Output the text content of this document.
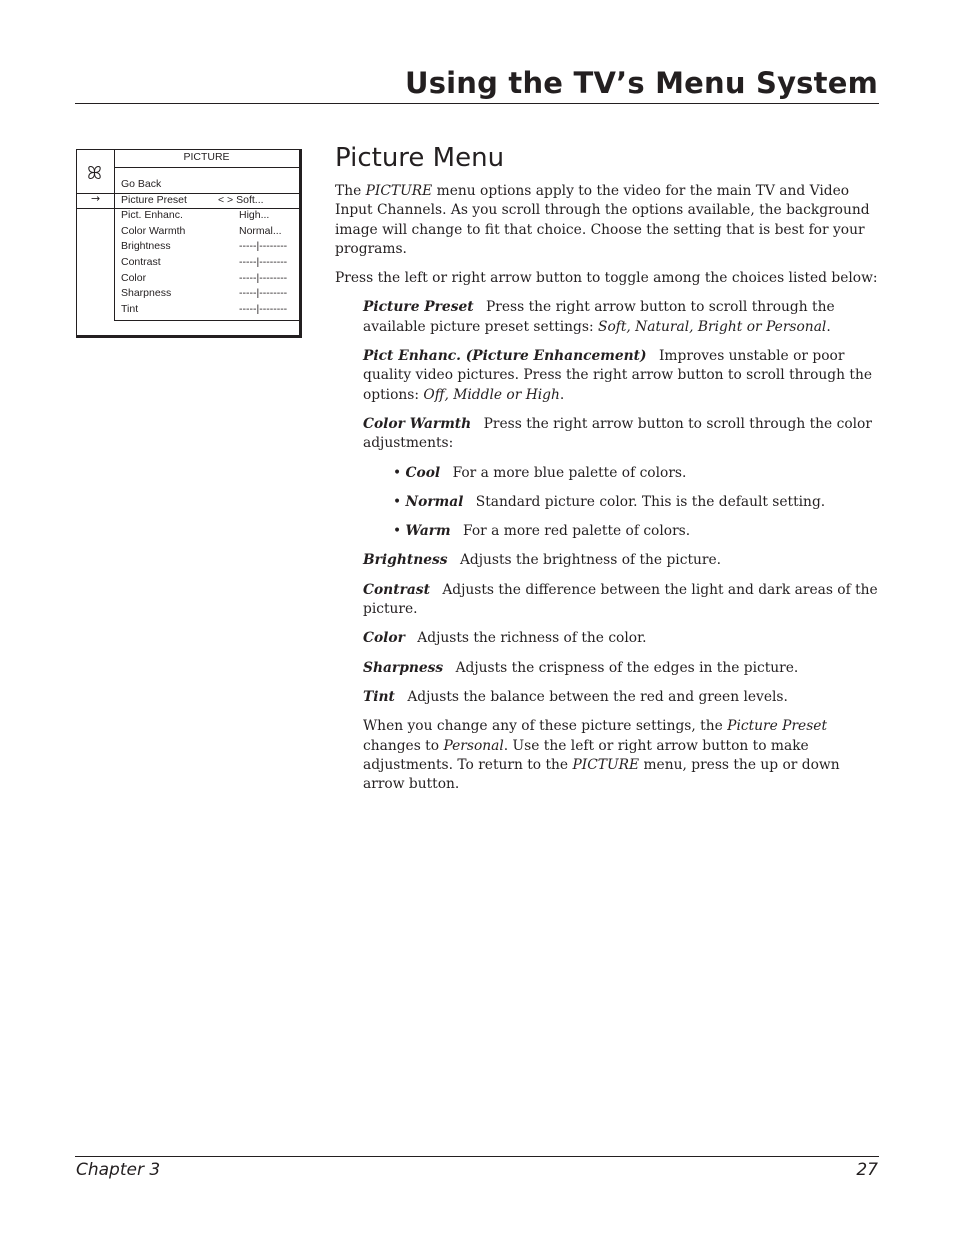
Using the TV’s Menu System
PICTURE
ꕤ Go Back
→ Picture Preset	< > Soft...
Pict. Enhanc.	High...
Color Warmth	Normal...
Brightness	-----|--------
Contrast	-----|--------
Color	-----|--------
Sharpness	-----|--------
Tint	-----|--------
Picture Menu

The PICTURE menu options apply to the video for the main TV and Video Input Channels. As you scroll through the options available, the background image will change to fit that choice. Choose the setting that is best for your programs.

Press the left or right arrow button to toggle among the choices listed below:

Picture Preset Press the right arrow button to scroll through the available picture preset settings: Soft, Natural, Bright or Personal.

Pict Enhanc. (Picture Enhancement) Improves unstable or poor quality video pictures. Press the right arrow button to scroll through the options: Off, Middle or High.

Color Warmth Press the right arrow button to scroll through the color adjustments:

• Cool For a more blue palette of colors.

• Normal Standard picture color. This is the default setting.

• Warm For a more red palette of colors.

Brightness Adjusts the brightness of the picture.

Contrast Adjusts the difference between the light and dark areas of the picture.

Color Adjusts the richness of the color.

Sharpness Adjusts the crispness of the edges in the picture.

Tint Adjusts the balance between the red and green levels.

When you change any of these picture settings, the Picture Preset changes to Personal. Use the left or right arrow button to make adjustments. To return to the PICTURE menu, press the up or down arrow button.

Chapter 3	27
